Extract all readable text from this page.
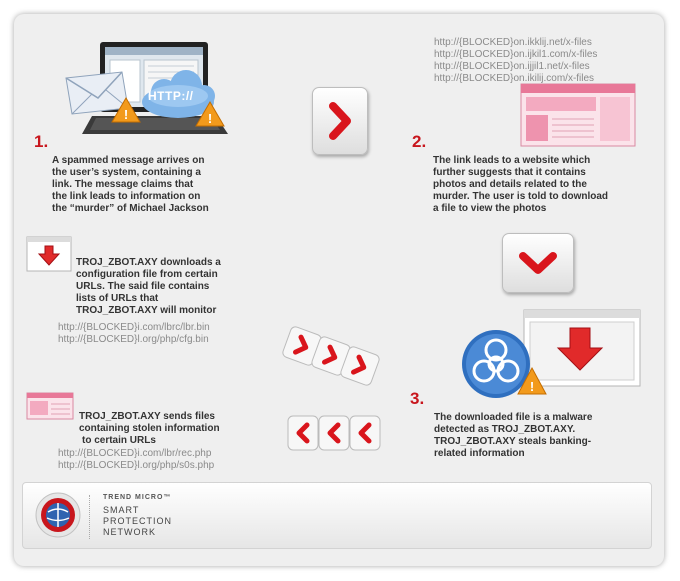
!	!
HTTP://
1.
A spammed message arrives on
the user’s system, containing a
link. The message claims that
the link leads to information on
the “murder” of Michael Jackson
http://{BLOCKED}on.ikklij.net/x-files
http://{BLOCKED}on.ijkil1.com/x-files
http://{BLOCKED}on.ijjil1.net/x-files
http://{BLOCKED}on.ikilij.com/x-files
2.
The link leads to a website which
further suggests that it contains
photos and details related to the
murder. The user is told to download
a file to view the photos
!
3.
The downloaded file is a malware
detected as TROJ_ZBOT.AXY.
TROJ_ZBOT.AXY steals banking-
related information
TROJ_ZBOT.AXY downloads a
configuration file from certain
URLs. The said file contains
lists of URLs that
TROJ_ZBOT.AXY will monitor
http://{BLOCKED}i.com/lbrc/lbr.bin
http://{BLOCKED}l.org/php/cfg.bin
TROJ_ZBOT.AXY sends files
containing stolen information
to certain URLs
http://{BLOCKED}i.com/lbr/rec.php
http://{BLOCKED}l.org/php/s0s.php
TREND MICRO™
SMART
PROTECTION
NETWORK
